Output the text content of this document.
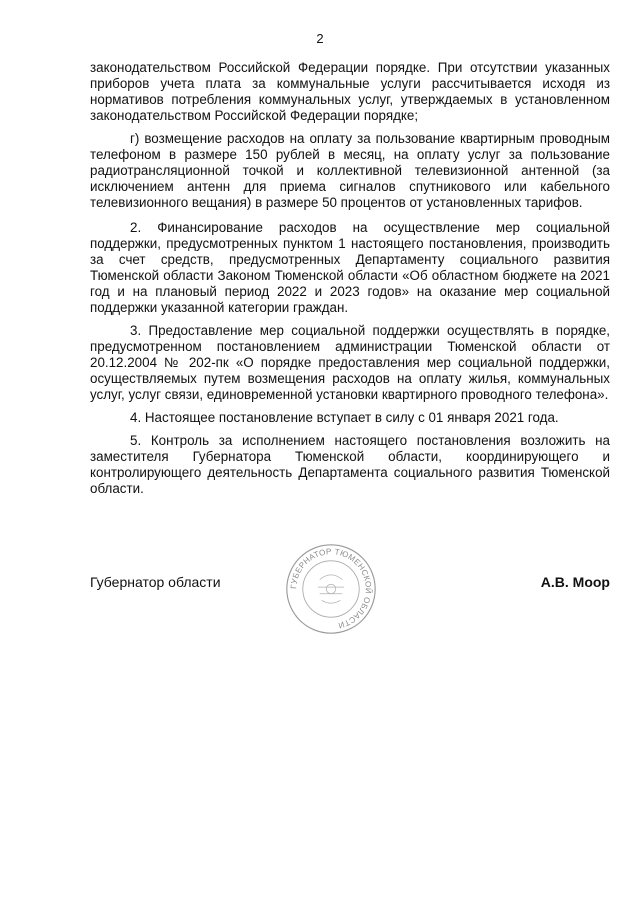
2

законодательством Российской Федерации порядке. При отсутствии указанных приборов учета плата за коммунальные услуги рассчитывается исходя из нормативов потребления коммунальных услуг, утверждаемых в установленном законодательством Российской Федерации порядке;

г) возмещение расходов на оплату за пользование квартирным проводным телефоном в размере 150 рублей в месяц, на оплату услуг за пользование радиотрансляционной точкой и коллективной телевизионной антенной (за исключением антенн для приема сигналов спутникового или кабельного телевизионного вещания) в размере 50 процентов от установленных тарифов.

2. Финансирование расходов на осуществление мер социальной поддержки, предусмотренных пунктом 1 настоящего постановления, производить за счет средств, предусмотренных Департаменту социального развития Тюменской области Законом Тюменской области «Об областном бюджете на 2021 год и на плановый период 2022 и 2023 годов» на оказание мер социальной поддержки указанной категории граждан.

3. Предоставление мер социальной поддержки осуществлять в порядке, предусмотренном постановлением администрации Тюменской области от 20.12.2004 № 202-пк «О порядке предоставления мер социальной поддержки, осуществляемых путем возмещения расходов на оплату жилья, коммунальных услуг, услуг связи, единовременной установки квартирного проводного телефона».

4. Настоящее постановление вступает в силу с 01 января 2021 года.

5. Контроль за исполнением настоящего постановления возложить на заместителя Губернатора Тюменской области, координирующего и контролирующего деятельность Департамента социального развития Тюменской области.

ГУБЕРНАТОР ТЮМЕНСКОЙ ОБЛАСТИ
Губернатор области	А.В. Моор
